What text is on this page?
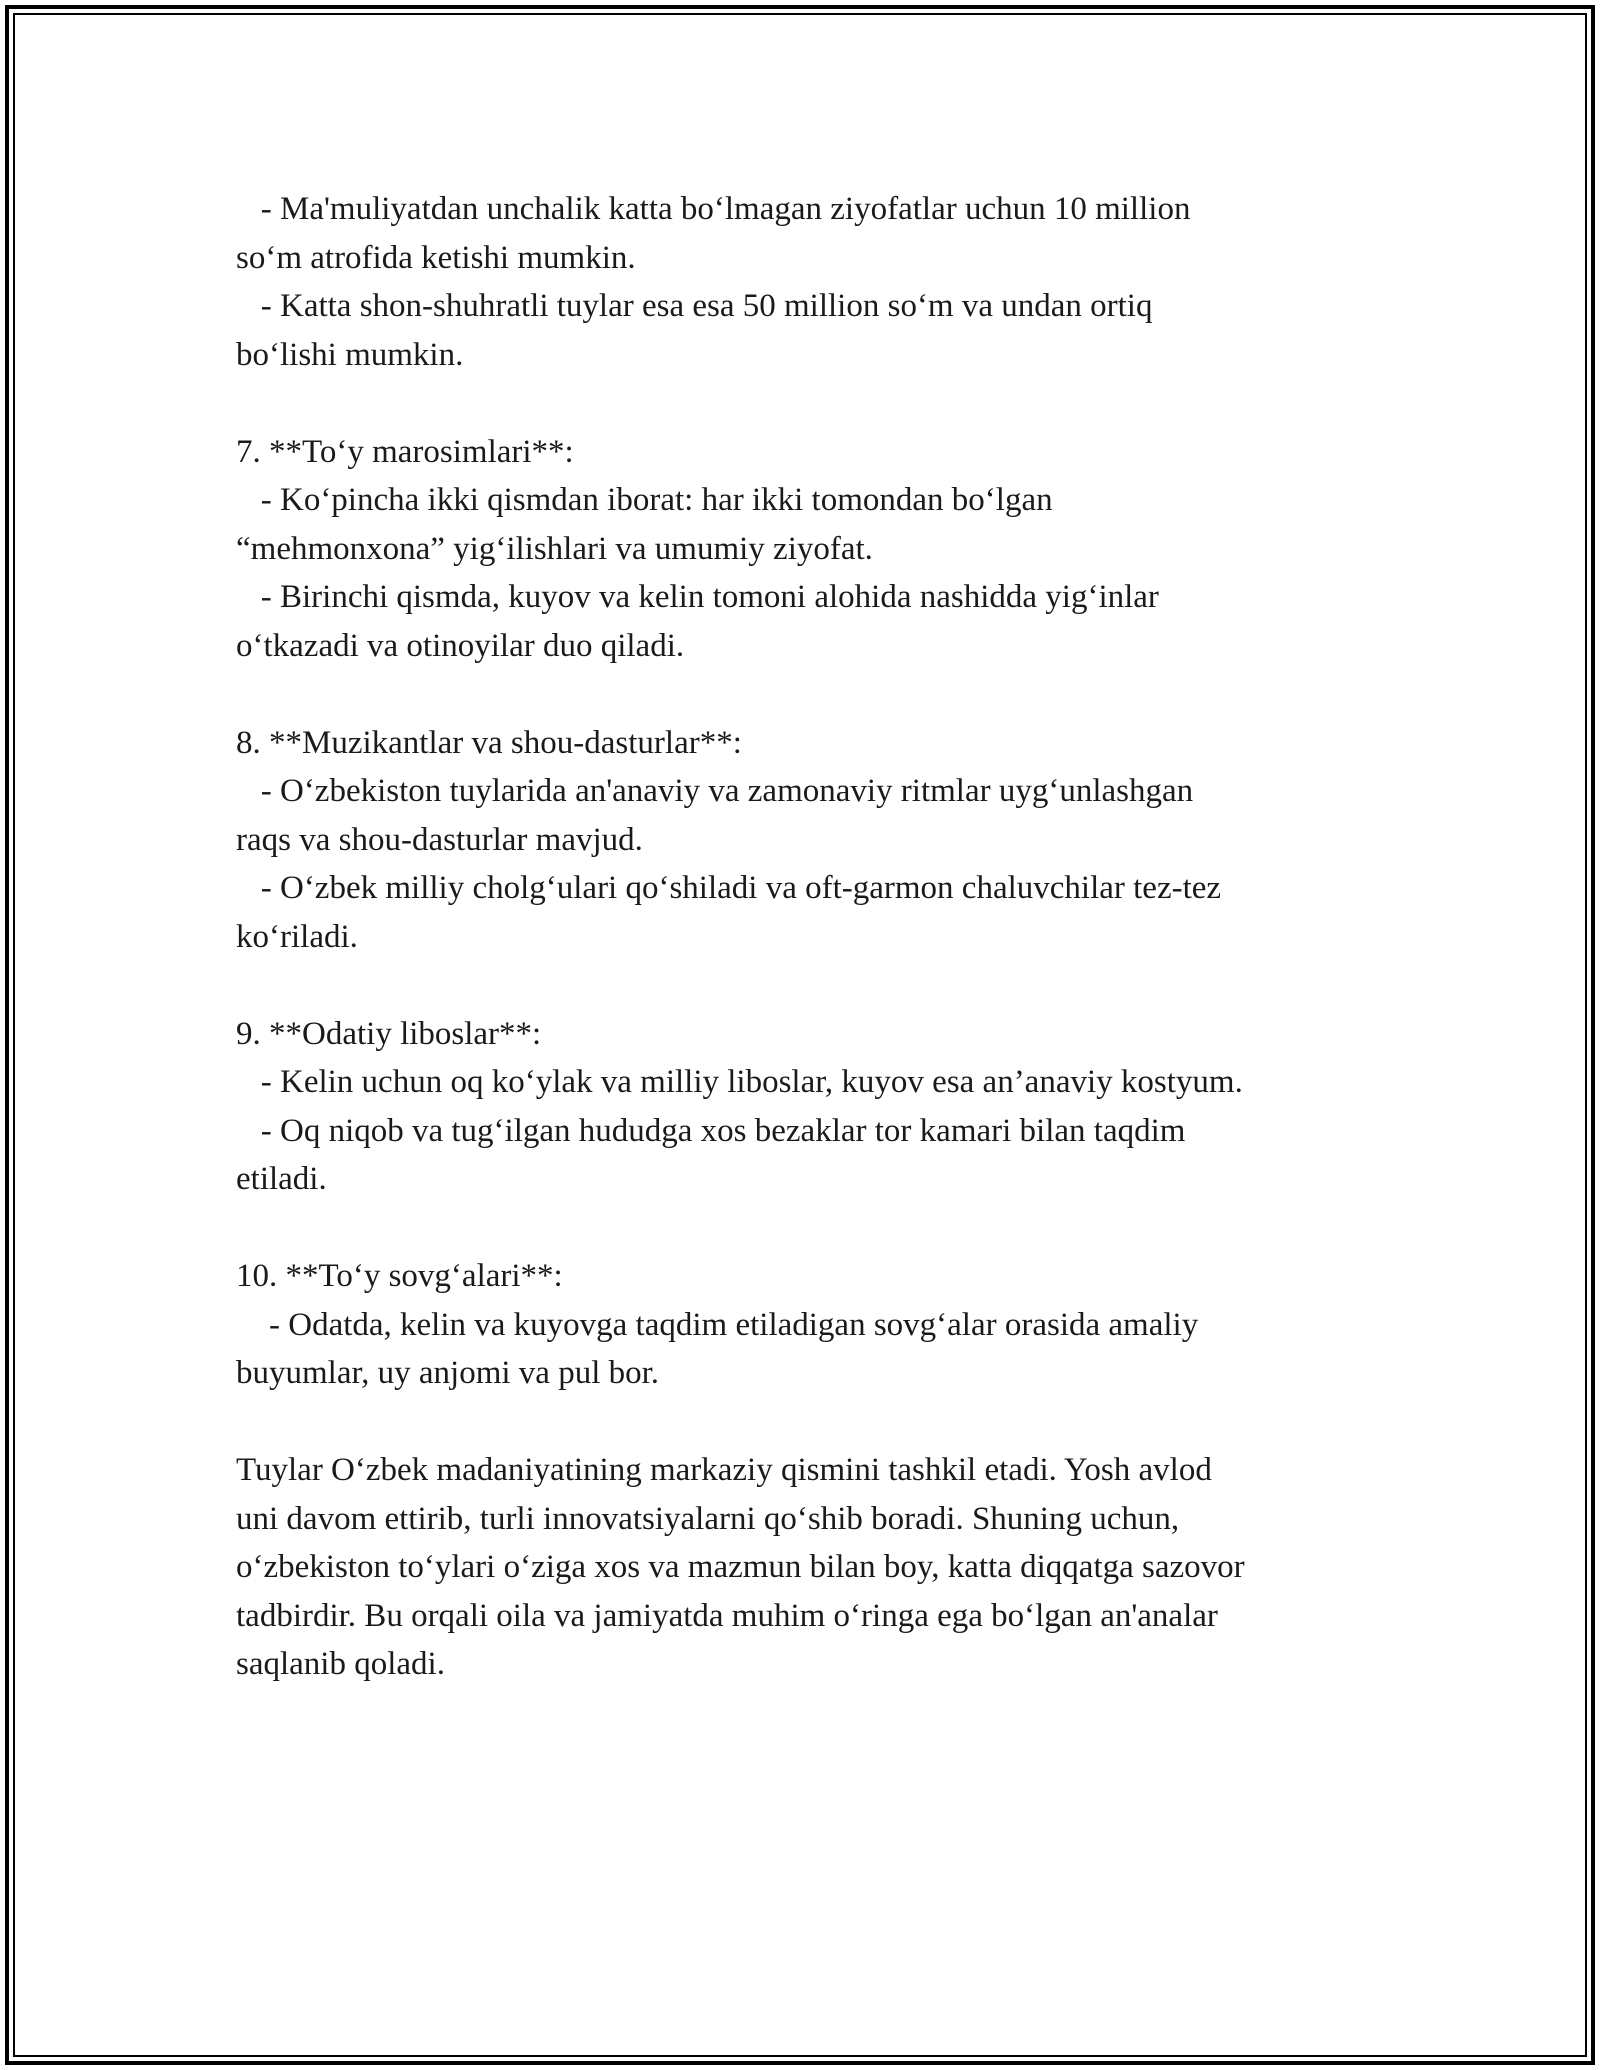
- Ma'muliyatdan unchalik katta bo‘lmagan ziyofatlar uchun 10 million
so‘m atrofida ketishi mumkin.
- Katta shon-shuhratli tuylar esa esa 50 million so‘m va undan ortiq
bo‘lishi mumkin.
7. **To‘y marosimlari**:
- Ko‘pincha ikki qismdan iborat: har ikki tomondan bo‘lgan
“mehmonxona” yig‘ilishlari va umumiy ziyofat.
- Birinchi qismda, kuyov va kelin tomoni alohida nashidda yig‘inlar
o‘tkazadi va otinoyilar duo qiladi.
8. **Muzikantlar va shou-dasturlar**:
- O‘zbekiston tuylarida an'anaviy va zamonaviy ritmlar uyg‘unlashgan
raqs va shou-dasturlar mavjud.
- O‘zbek milliy cholg‘ulari qo‘shiladi va oft-garmon chaluvchilar tez-tez
ko‘riladi.
9. **Odatiy liboslar**:
- Kelin uchun oq ko‘ylak va milliy liboslar, kuyov esa an’anaviy kostyum.
- Oq niqob va tug‘ilgan hududga xos bezaklar tor kamari bilan taqdim
etiladi.
10. **To‘y sovg‘alari**:
- Odatda, kelin va kuyovga taqdim etiladigan sovg‘alar orasida amaliy
buyumlar, uy anjomi va pul bor.
Tuylar O‘zbek madaniyatining markaziy qismini tashkil etadi. Yosh avlod
uni davom ettirib, turli innovatsiyalarni qo‘shib boradi. Shuning uchun,
o‘zbekiston to‘ylari o‘ziga xos va mazmun bilan boy, katta diqqatga sazovor
tadbirdir. Bu orqali oila va jamiyatda muhim o‘ringa ega bo‘lgan an'analar
saqlanib qoladi.
